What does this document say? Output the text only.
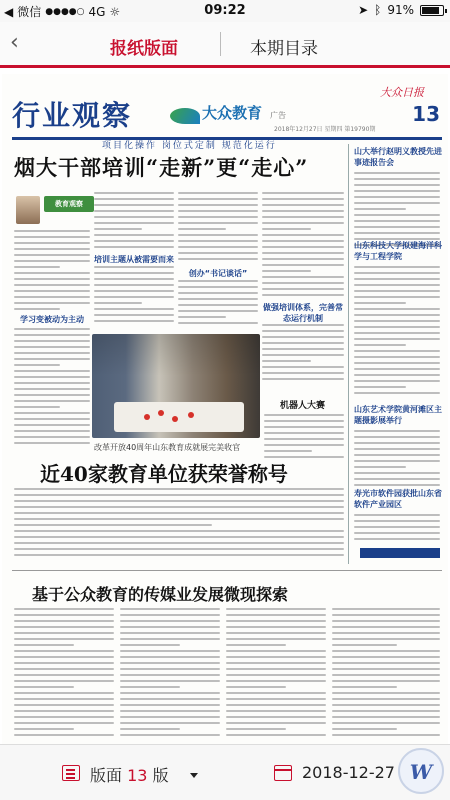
◀ 微信 ●●●●○ 4G ☼	09:22	➤ ᛒ 91%
‹	报纸版面	本期目录
行业观察	大众教育 广告
大众日报
13
2018年12月27日 星期四 第19790期
项目化操作 岗位式定制 规范化运行
烟大干部培训“走新”更“走心”
教育观察
学习变被动为主动
培训主题从被需要而来
创办“书记谈话”
做强培训体系，完善常态运行机制
改革开放40周年山东教育成就展完美收官
机器人大赛
近40家教育单位获荣誉称号
山大举行赵明义教授先进事迹报告会
山东科技大学拟建海洋科学与工程学院
山东艺术学院黄河滩区主题摄影展举行
寿光市软件园获批山东省软件产业园区
基于公众教育的传媒业发展微现探索
版面 13 版	2018-12-27
W
